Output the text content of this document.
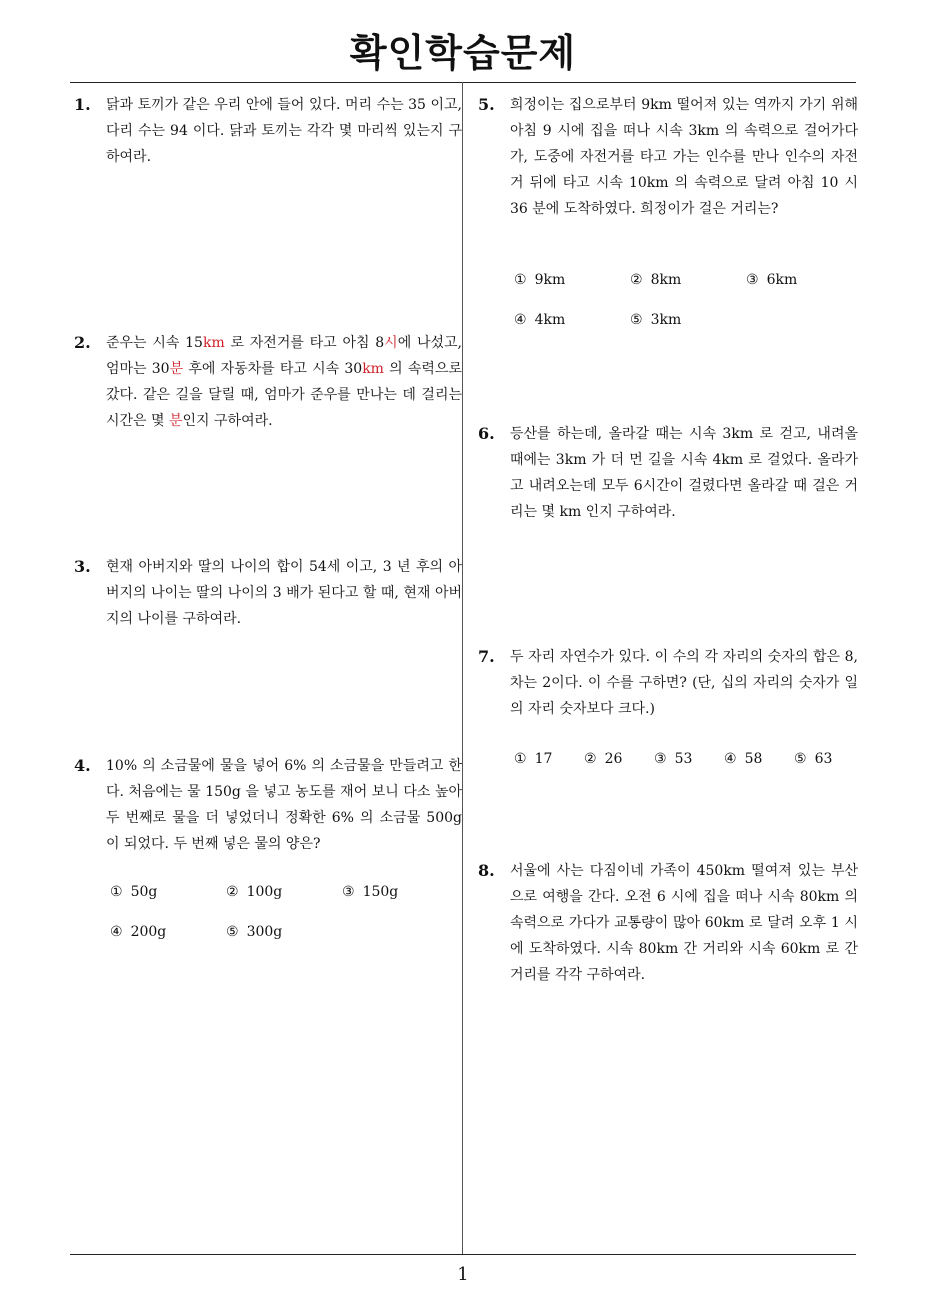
확인학습문제
1. 닭과 토끼가 같은 우리 안에 들어 있다. 머리 수는 35 이고, 다리 수는 94 이다. 닭과 토끼는 각각 몇 마리씩 있는지 구하여라.

2. 준우는 시속 15km 로 자전거를 타고 아침 8시에 나섰고, 엄마는 30분 후에 자동차를 타고 시속 30km 의 속력으로 갔다. 같은 길을 달릴 때, 엄마가 준우를 만나는 데 걸리는 시간은 몇 분인지 구하여라.

3. 현재 아버지와 딸의 나이의 합이 54세 이고, 3 년 후의 아버지의 나이는 딸의 나이의 3 배가 된다고 할 때, 현재 아버지의 나이를 구하여라.

4. 10% 의 소금물에 물을 넣어 6% 의 소금물을 만들려고 한다. 처음에는 물 150g 을 넣고 농도를 재어 보니 다소 높아 두 번째로 물을 더 넣었더니 정확한 6% 의 소금물 500g 이 되었다. 두 번째 넣은 물의 양은?

① 50g	② 100g	③ 150g
④ 200g	⑤ 300g
5. 희정이는 집으로부터 9km 떨어져 있는 역까지 가기 위해 아침 9 시에 집을 떠나 시속 3km 의 속력으로 걸어가다가, 도중에 자전거를 타고 가는 인수를 만나 인수의 자전거 뒤에 타고 시속 10km 의 속력으로 달려 아침 10 시 36 분에 도착하였다. 희정이가 걸은 거리는?

① 9km	② 8km	③ 6km
④ 4km	⑤ 3km
6. 등산를 하는데, 올라갈 때는 시속 3km 로 걷고, 내려올 때에는 3km 가 더 먼 길을 시속 4km 로 걸었다. 올라가고 내려오는데 모두 6시간이 걸렸다면 올라갈 때 걸은 거리는 몇 km 인지 구하여라.

7. 두 자리 자연수가 있다. 이 수의 각 자리의 숫자의 합은 8, 차는 2이다. 이 수를 구하면? (단, 십의 자리의 숫자가 일의 자리 숫자보다 크다.)

① 17 ② 26 ③ 53 ④ 58 ⑤ 63
8. 서울에 사는 다짐이네 가족이 450km 떨여져 있는 부산으로 여행을 간다. 오전 6 시에 집을 떠나 시속 80km 의 속력으로 가다가 교통량이 많아 60km 로 달려 오후 1 시에 도착하였다. 시속 80km 간 거리와 시속 60km 로 간 거리를 각각 구하여라.

1
